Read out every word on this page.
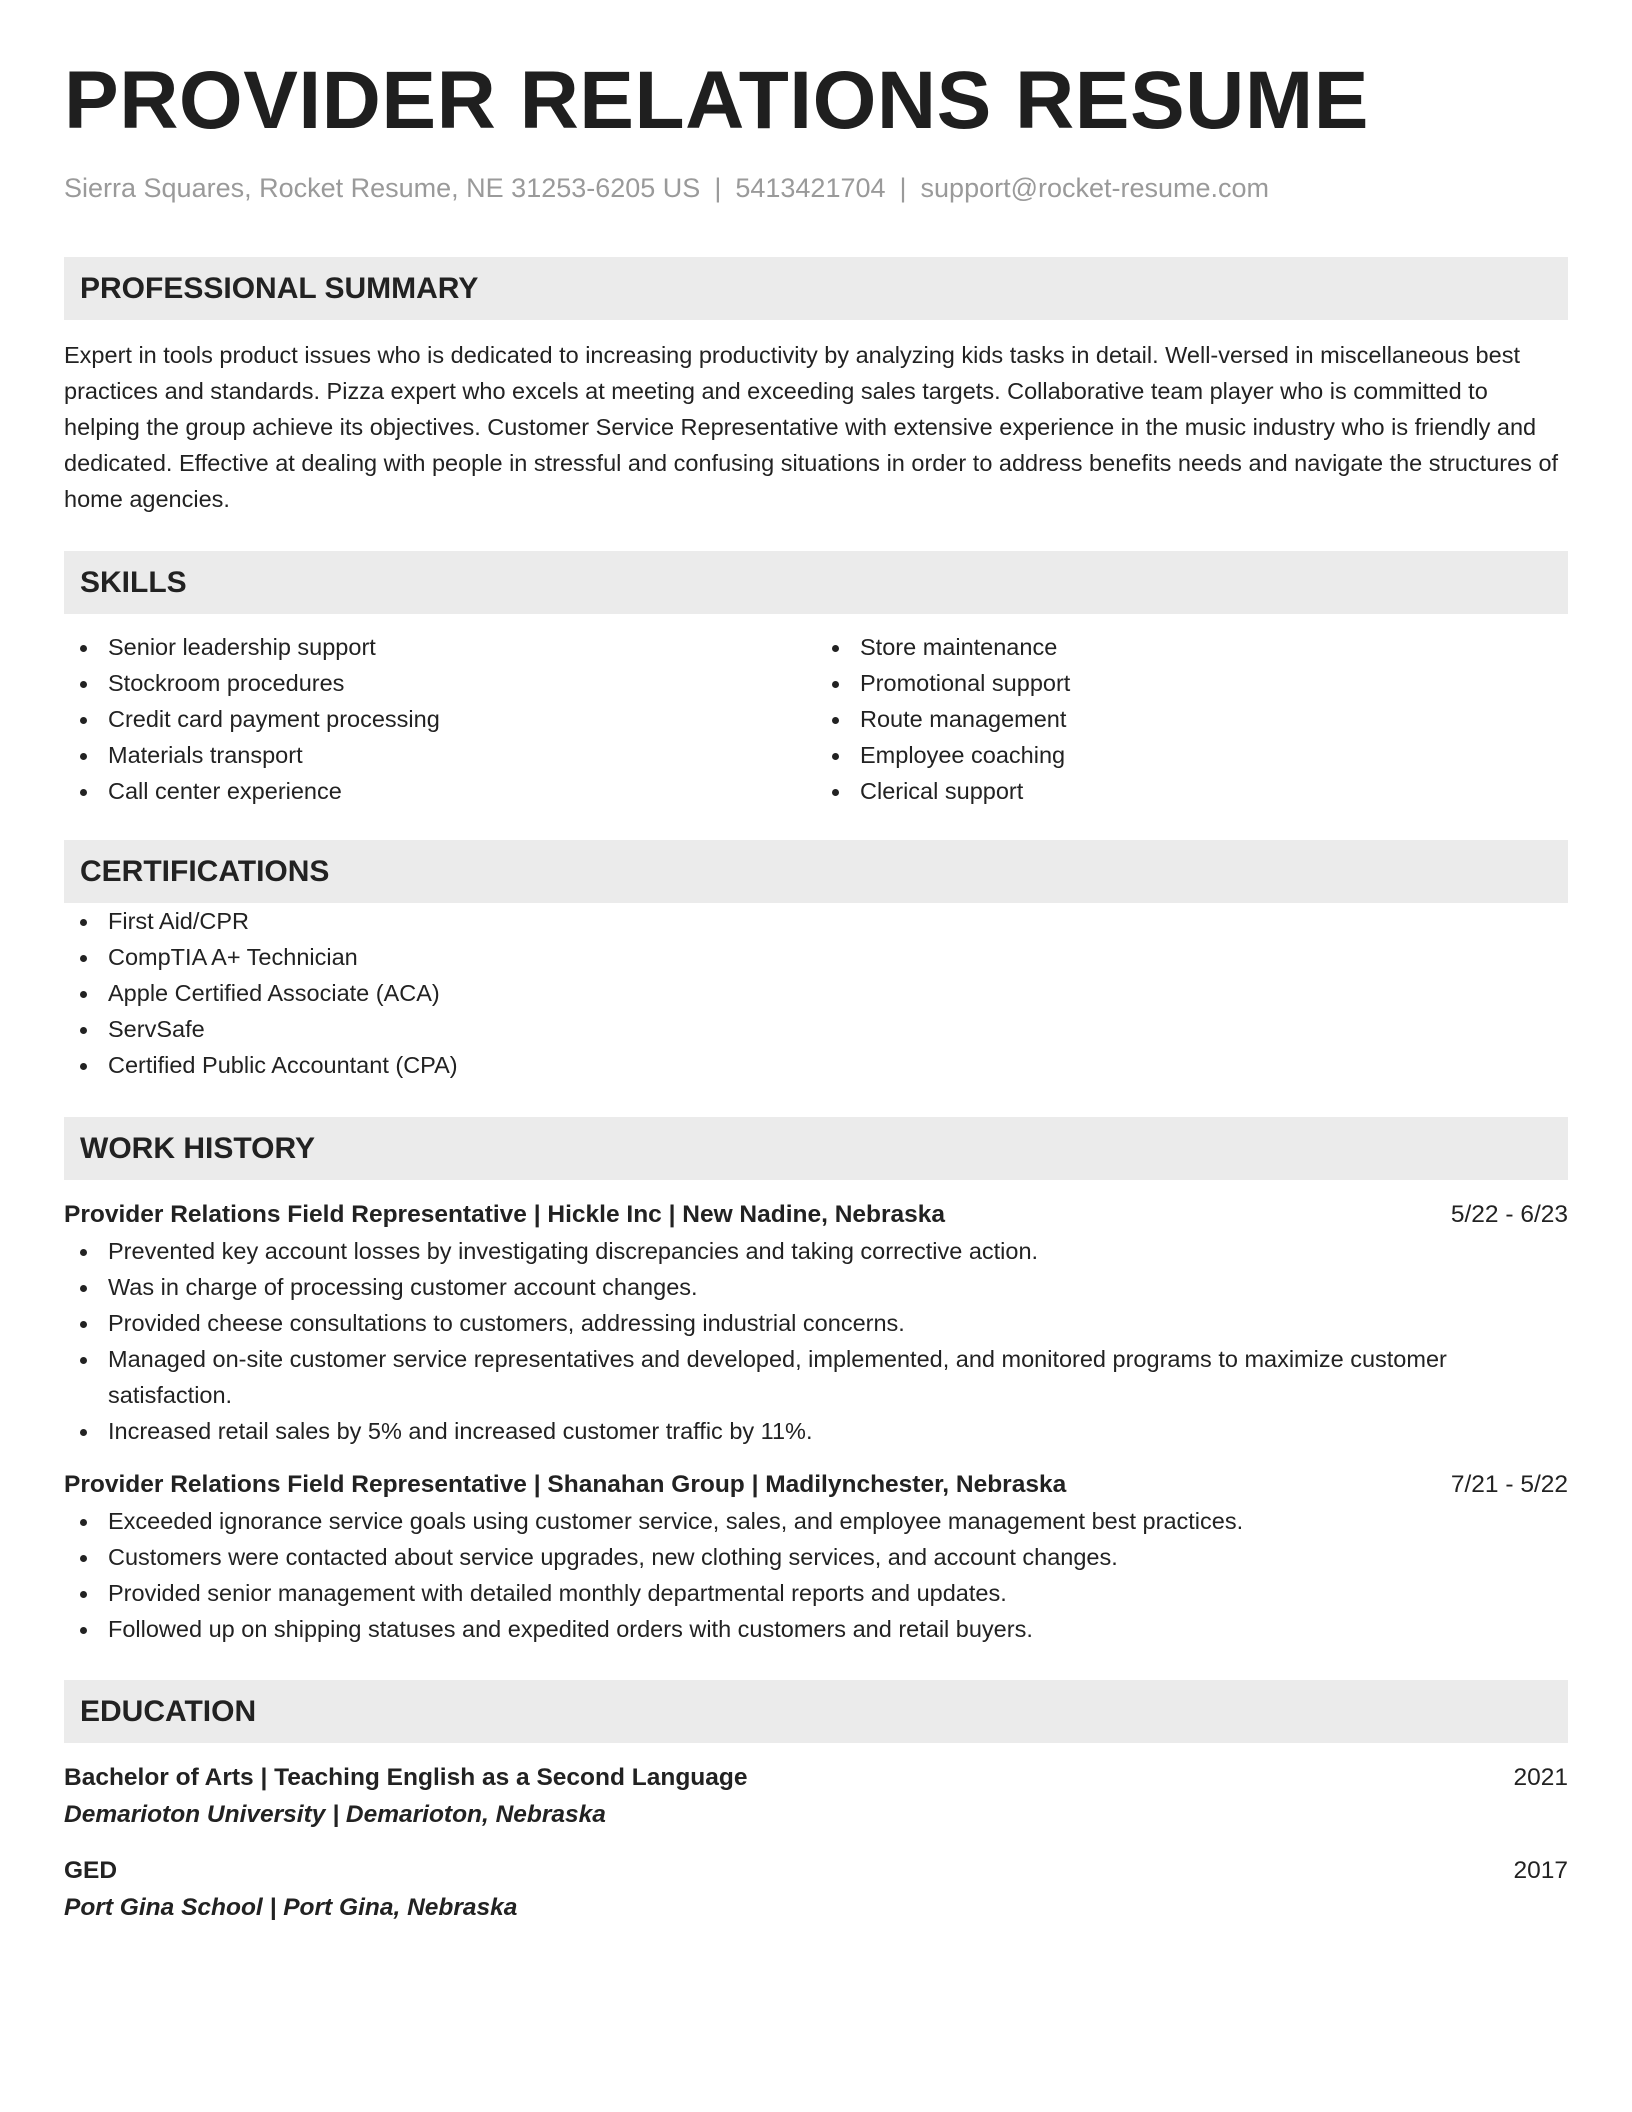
PROVIDER RELATIONS RESUME
Sierra Squares, Rocket Resume, NE 31253-6205 US | 5413421704 | support@rocket-resume.com
PROFESSIONAL SUMMARY

Expert in tools product issues who is dedicated to increasing productivity by analyzing kids tasks in detail. Well-versed in miscellaneous best practices and standards. Pizza expert who excels at meeting and exceeding sales targets. Collaborative team player who is committed to helping the group achieve its objectives. Customer Service Representative with extensive experience in the music industry who is friendly and dedicated. Effective at dealing with people in stressful and confusing situations in order to address benefits needs and navigate the structures of home agencies.

SKILLS
Senior leadership support
Stockroom procedures
Credit card payment processing
Materials transport
Call center experience
Store maintenance
Promotional support
Route management
Employee coaching
Clerical support
CERTIFICATIONS
First Aid/CPR
CompTIA A+ Technician
Apple Certified Associate (ACA)
ServSafe
Certified Public Accountant (CPA)
WORK HISTORY
Provider Relations Field Representative | Hickle Inc | New Nadine, Nebraska	5/22 - 6/23
Prevented key account losses by investigating discrepancies and taking corrective action.
Was in charge of processing customer account changes.
Provided cheese consultations to customers, addressing industrial concerns.
Managed on-site customer service representatives and developed, implemented, and monitored programs to maximize customer satisfaction.
Increased retail sales by 5% and increased customer traffic by 11%.
Provider Relations Field Representative | Shanahan Group | Madilynchester, Nebraska	7/21 - 5/22
Exceeded ignorance service goals using customer service, sales, and employee management best practices.
Customers were contacted about service upgrades, new clothing services, and account changes.
Provided senior management with detailed monthly departmental reports and updates.
Followed up on shipping statuses and expedited orders with customers and retail buyers.
EDUCATION
Bachelor of Arts | Teaching English as a Second Language	2021
Demarioton University | Demarioton, Nebraska
GED	2017
Port Gina School | Port Gina, Nebraska
